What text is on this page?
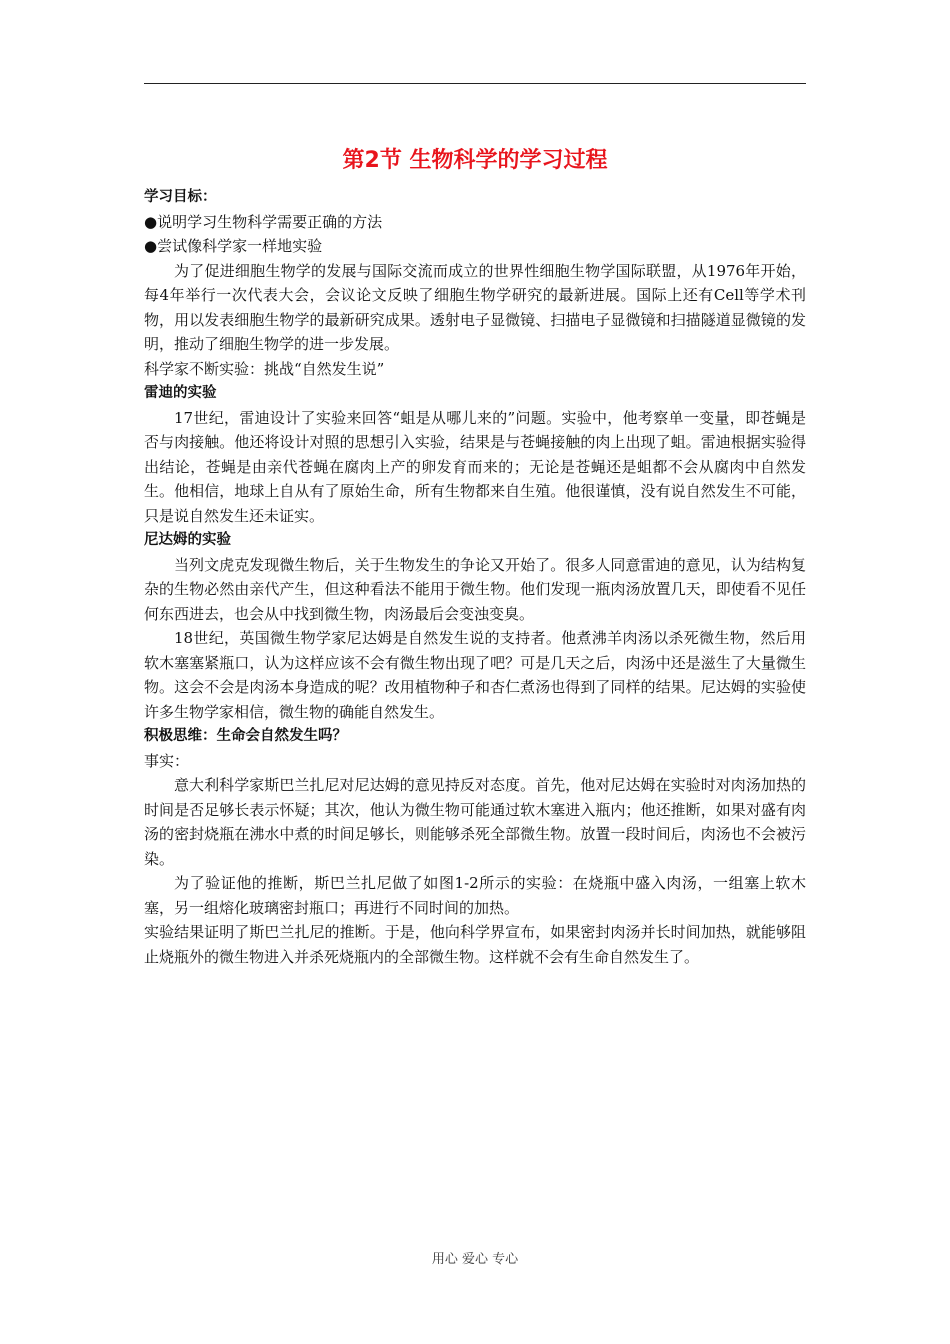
第2节 生物科学的学习过程

学习目标：

●说明学习生物科学需要正确的方法

●尝试像科学家一样地实验

为了促进细胞生物学的发展与国际交流而成立的世界性细胞生物学国际联盟，从1976年开始，每4年举行一次代表大会，会议论文反映了细胞生物学研究的最新进展。国际上还有Cell等学术刊物，用以发表细胞生物学的最新研究成果。透射电子显微镜、扫描电子显微镜和扫描隧道显微镜的发明，推动了细胞生物学的进一步发展。

科学家不断实验：挑战“自然发生说”

雷迪的实验

17世纪，雷迪设计了实验来回答“蛆是从哪儿来的”问题。实验中，他考察单一变量，即苍蝇是否与肉接触。他还将设计对照的思想引入实验，结果是与苍蝇接触的肉上出现了蛆。雷迪根据实验得出结论，苍蝇是由亲代苍蝇在腐肉上产的卵发育而来的；无论是苍蝇还是蛆都不会从腐肉中自然发生。他相信，地球上自从有了原始生命，所有生物都来自生殖。他很谨慎，没有说自然发生不可能，只是说自然发生还未证实。

尼达姆的实验

当列文虎克发现微生物后，关于生物发生的争论又开始了。很多人同意雷迪的意见，认为结构复杂的生物必然由亲代产生，但这种看法不能用于微生物。他们发现一瓶肉汤放置几天，即使看不见任何东西进去，也会从中找到微生物，肉汤最后会变浊变臭。

18世纪，英国微生物学家尼达姆是自然发生说的支持者。他煮沸羊肉汤以杀死微生物，然后用软木塞塞紧瓶口，认为这样应该不会有微生物出现了吧？可是几天之后，肉汤中还是滋生了大量微生物。这会不会是肉汤本身造成的呢？改用植物种子和杏仁煮汤也得到了同样的结果。尼达姆的实验使许多生物学家相信，微生物的确能自然发生。

积极思维：生命会自然发生吗？

事实：

意大利科学家斯巴兰扎尼对尼达姆的意见持反对态度。首先，他对尼达姆在实验时对肉汤加热的时间是否足够长表示怀疑；其次，他认为微生物可能通过软木塞进入瓶内；他还推断，如果对盛有肉汤的密封烧瓶在沸水中煮的时间足够长，则能够杀死全部微生物。放置一段时间后，肉汤也不会被污染。

为了验证他的推断，斯巴兰扎尼做了如图1-2所示的实验：在烧瓶中盛入肉汤，一组塞上软木塞，另一组熔化玻璃密封瓶口；再进行不同时间的加热。

实验结果证明了斯巴兰扎尼的推断。于是，他向科学界宣布，如果密封肉汤并长时间加热，就能够阻止烧瓶外的微生物进入并杀死烧瓶内的全部微生物。这样就不会有生命自然发生了。

用心 爱心 专心
